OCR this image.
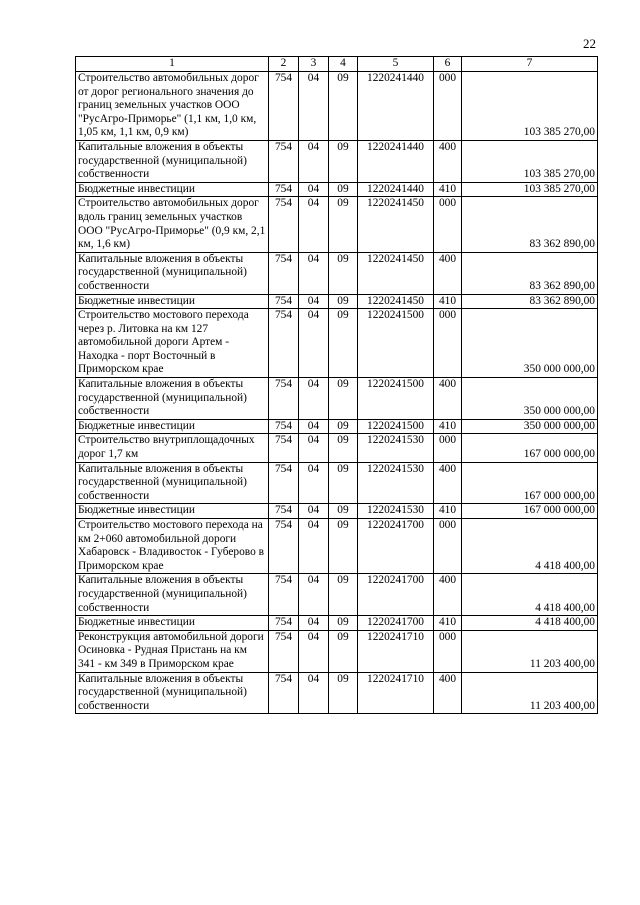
22
1	2	3	4	5	6	7
Строительство автомобильных дорог от дорог регионального значения до границ земельных участков ООО "РусАгро-Приморье" (1,1 км, 1,0 км, 1,05 км, 1,1 км, 0,9 км)	754	04	09	1220241440	000	103 385 270,00
Капитальные вложения в объекты государственной (муниципальной) собственности	754	04	09	1220241440	400	103 385 270,00
Бюджетные инвестиции	754	04	09	1220241440	410	103 385 270,00
Строительство автомобильных дорог вдоль границ земельных участков ООО "РусАгро-Приморье" (0,9 км, 2,1 км, 1,6 км)	754	04	09	1220241450	000	83 362 890,00
Капитальные вложения в объекты государственной (муниципальной) собственности	754	04	09	1220241450	400	83 362 890,00
Бюджетные инвестиции	754	04	09	1220241450	410	83 362 890,00
Строительство мостового перехода через р. Литовка на км 127 автомобильной дороги Артем - Находка - порт Восточный в Приморском крае	754	04	09	1220241500	000	350 000 000,00
Капитальные вложения в объекты государственной (муниципальной) собственности	754	04	09	1220241500	400	350 000 000,00
Бюджетные инвестиции	754	04	09	1220241500	410	350 000 000,00
Строительство внутриплощадочных дорог 1,7 км	754	04	09	1220241530	000	167 000 000,00
Капитальные вложения в объекты государственной (муниципальной) собственности	754	04	09	1220241530	400	167 000 000,00
Бюджетные инвестиции	754	04	09	1220241530	410	167 000 000,00
Строительство мостового перехода на км 2+060 автомобильной дороги Хабаровск - Владивосток - Губерово в Приморском крае	754	04	09	1220241700	000	4 418 400,00
Капитальные вложения в объекты государственной (муниципальной) собственности	754	04	09	1220241700	400	4 418 400,00
Бюджетные инвестиции	754	04	09	1220241700	410	4 418 400,00
Реконструкция автомобильной дороги Осиновка - Рудная Пристань на км 341 - км 349 в Приморском крае	754	04	09	1220241710	000	11 203 400,00
Капитальные вложения в объекты государственной (муниципальной) собственности	754	04	09	1220241710	400	11 203 400,00
